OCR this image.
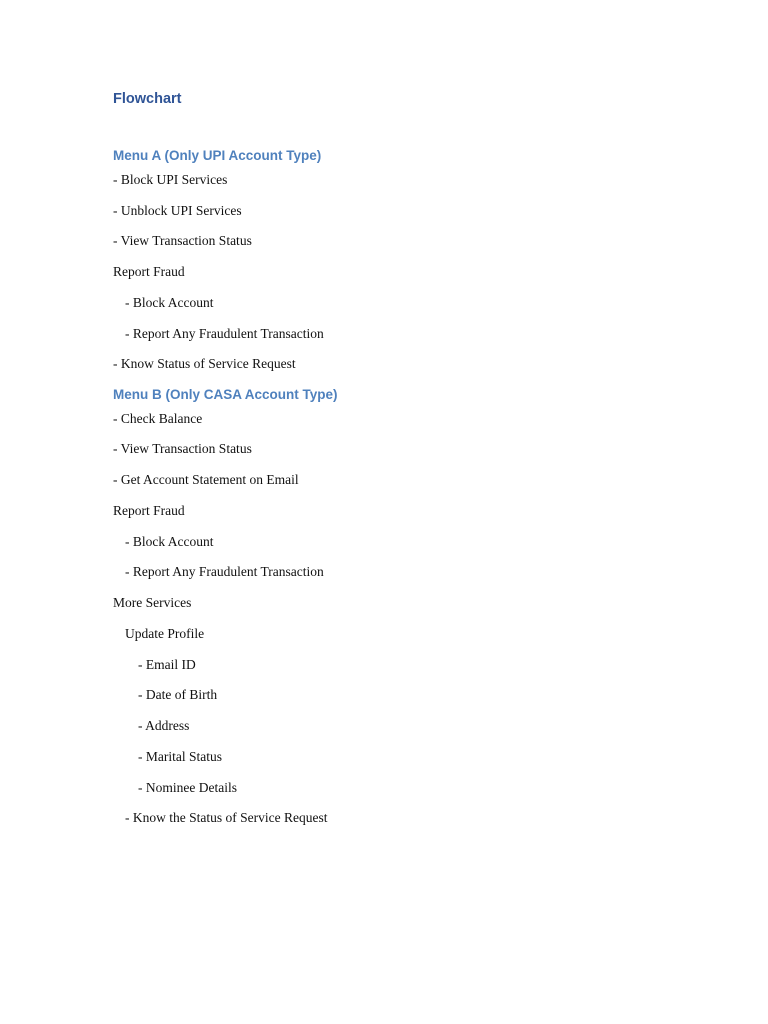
Flowchart
Menu A (Only UPI Account Type)

- Block UPI Services

- Unblock UPI Services

- View Transaction Status

Report Fraud

- Block Account

- Report Any Fraudulent Transaction

- Know Status of Service Request

Menu B (Only CASA Account Type)

- Check Balance

- View Transaction Status

- Get Account Statement on Email

Report Fraud

- Block Account

- Report Any Fraudulent Transaction

More Services

Update Profile

- Email ID

- Date of Birth

- Address

- Marital Status

- Nominee Details

- Know the Status of Service Request
